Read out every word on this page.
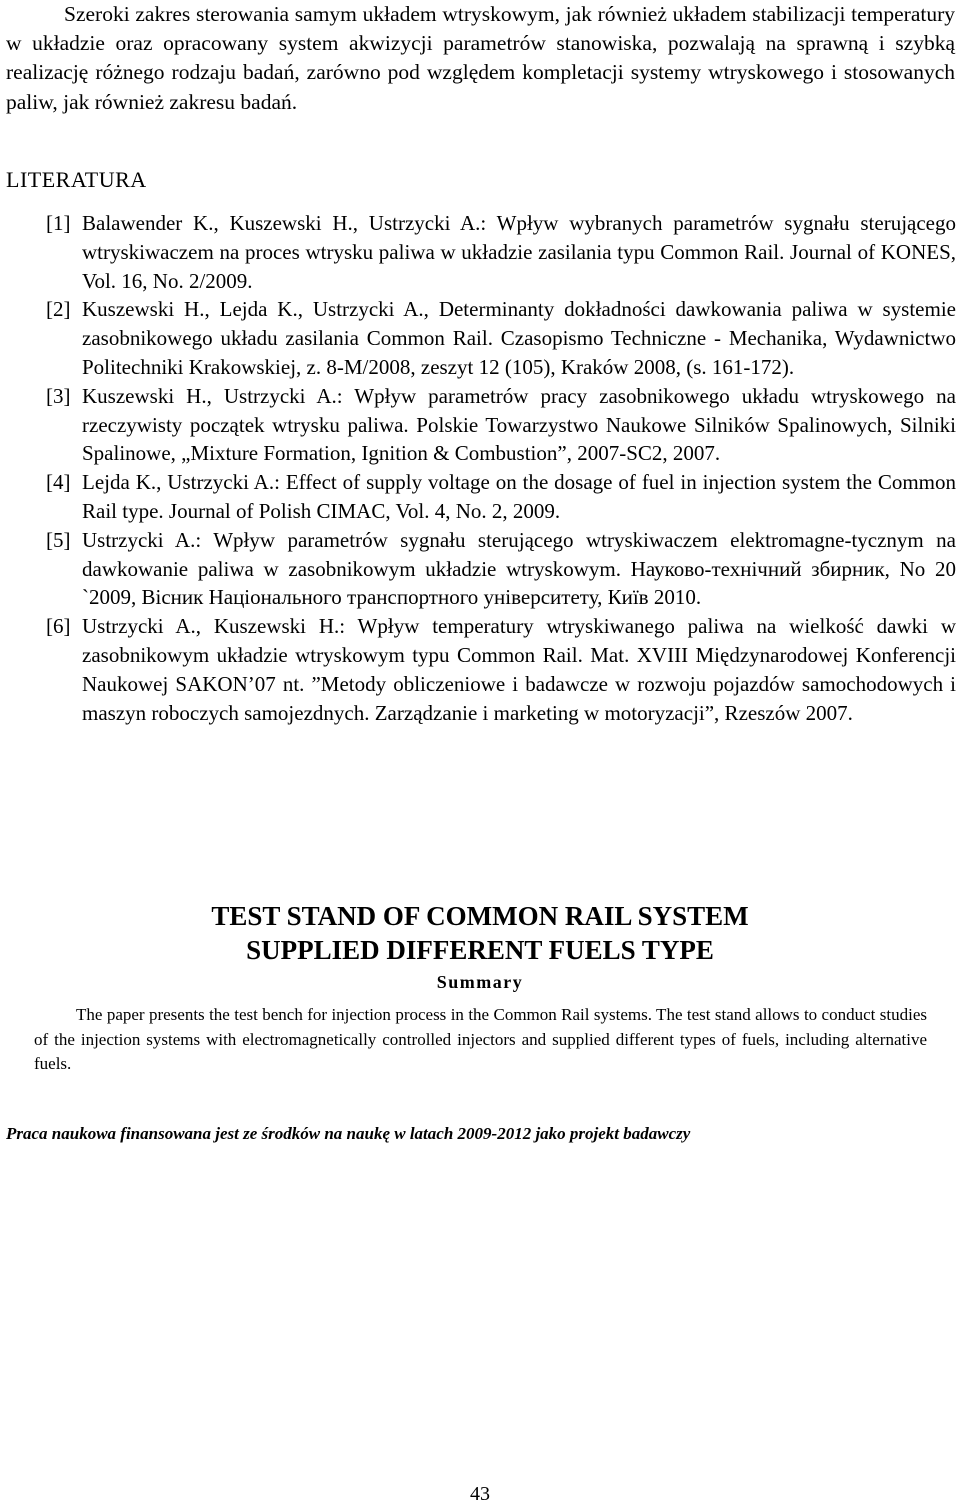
Szeroki zakres sterowania samym układem wtryskowym, jak również układem stabilizacji temperatury w układzie oraz opracowany system akwizycji parametrów stanowiska, pozwalają na sprawną i szybką realizację różnego rodzaju badań, zarówno pod względem kompletacji systemy wtryskowego i stosowanych paliw, jak również zakresu badań.

LITERATURA
[1] Balawender K., Kuszewski H., Ustrzycki A.: Wpływ wybranych parametrów sygnału sterującego wtryskiwaczem na proces wtrysku paliwa w układzie zasilania typu Common Rail. Journal of KONES, Vol. 16, No. 2/2009.
[2] Kuszewski H., Lejda K., Ustrzycki A., Determinanty dokładności dawkowania paliwa w systemie zasobnikowego układu zasilania Common Rail. Czasopismo Techniczne - Mechanika, Wydawnictwo Politechniki Krakowskiej, z. 8-M/2008, zeszyt 12 (105), Kraków 2008, (s. 161-172).
[3] Kuszewski H., Ustrzycki A.: Wpływ parametrów pracy zasobnikowego układu wtryskowego na rzeczywisty początek wtrysku paliwa. Polskie Towarzystwo Naukowe Silników Spalinowych, Silniki Spalinowe, „Mixture Formation, Ignition & Combustion”, 2007-SC2, 2007.
[4] Lejda K., Ustrzycki A.: Effect of supply voltage on the dosage of fuel in injection system the Common Rail type. Journal of Polish CIMAC, Vol. 4, No. 2, 2009.
[5] Ustrzycki A.: Wpływ parametrów sygnału sterującego wtryskiwaczem elektromagne-tycznym na dawkowanie paliwa w zasobnikowym układzie wtryskowym. Науково-технічний збирник, No 20 `2009, Вісник Національного транспортного університету, Київ 2010.
[6] Ustrzycki A., Kuszewski H.: Wpływ temperatury wtryskiwanego paliwa na wielkość dawki w zasobnikowym układzie wtryskowym typu Common Rail. Mat. XVIII Międzynarodowej Konferencji Naukowej SAKON’07 nt. ”Metody obliczeniowe i badawcze w rozwoju pojazdów samochodowych i maszyn roboczych samojezdnych. Zarządzanie i marketing w motoryzacji”, Rzeszów 2007.
TEST STAND OF COMMON RAIL SYSTEM
SUPPLIED DIFFERENT FUELS TYPE
Summary

The paper presents the test bench for injection process in the Common Rail systems. The test stand allows to conduct studies of the injection systems with electromagnetically controlled injectors and supplied different types of fuels, including alternative fuels.

Praca naukowa finansowana jest ze środków na naukę w latach 2009-2012 jako projekt badawczy

43
